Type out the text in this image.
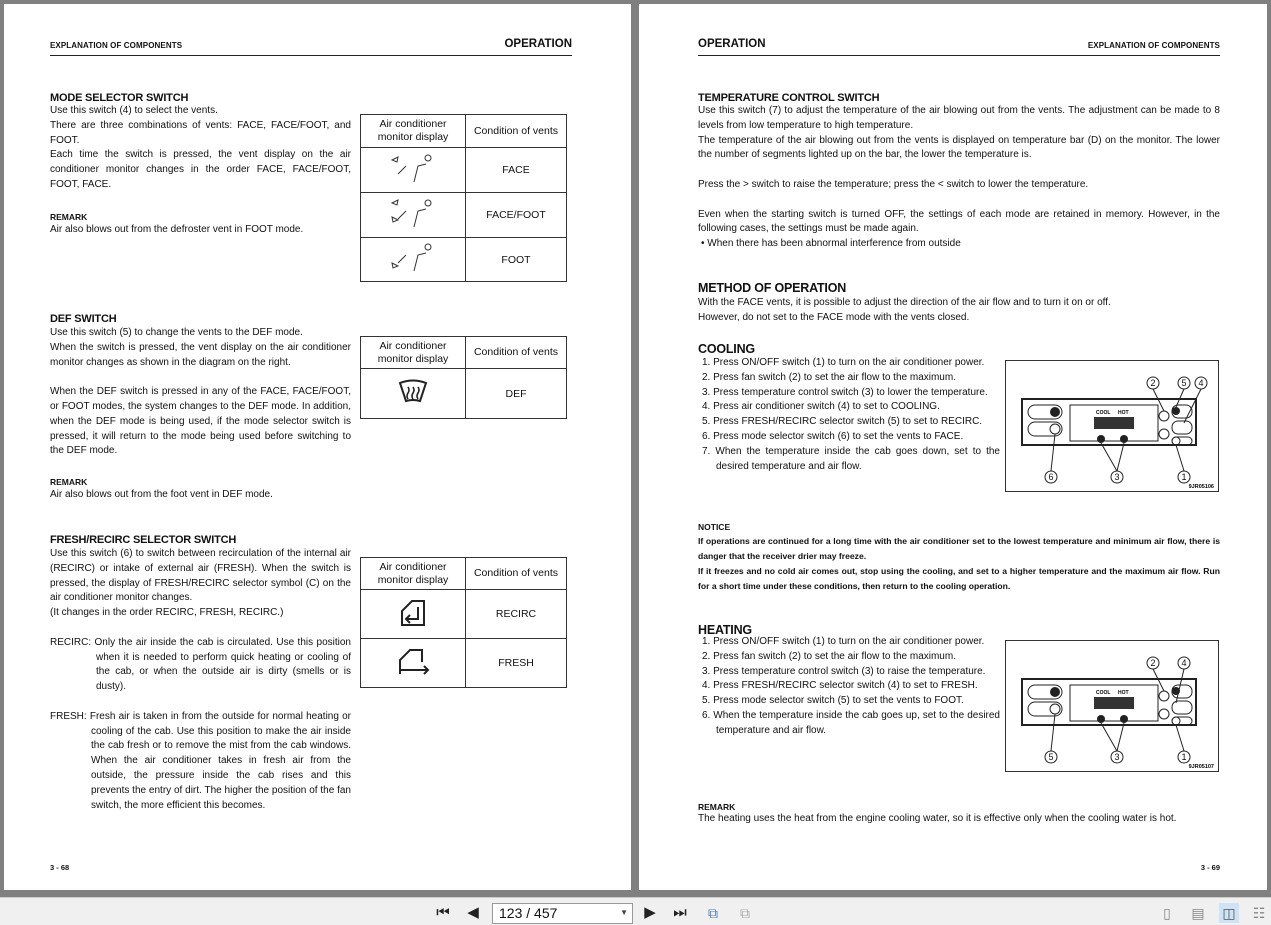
EXPLANATION OF COMPONENTS	OPERATION
MODE SELECTOR SWITCH
Use this switch (4) to select the vents.
There are three combinations of vents: FACE, FACE/FOOT, and FOOT.
Each time the switch is pressed, the vent display on the air conditioner monitor changes in the order FACE, FACE/FOOT, FOOT, FACE.
REMARK
Air also blows out from the defroster vent in FOOT mode.
Air conditioner monitor display	Condition of vents
	FACE
	FACE/FOOT
	FOOT
DEF SWITCH
Use this switch (5) to change the vents to the DEF mode.
When the switch is pressed, the vent display on the air conditioner monitor changes as shown in the diagram on the right.
When the DEF switch is pressed in any of the FACE, FACE/FOOT, or FOOT modes, the system changes to the DEF mode. In addition, when the DEF mode is being used, if the mode selector switch is pressed, it will return to the mode being used before switching to the DEF mode.
REMARK
Air also blows out from the foot vent in DEF mode.
Air conditioner monitor display	Condition of vents
	DEF
FRESH/RECIRC SELECTOR SWITCH
Use this switch (6) to switch between recirculation of the internal air (RECIRC) or intake of external air (FRESH). When the switch is pressed, the display of FRESH/RECIRC selector symbol (C) on the air conditioner monitor changes.
(It changes in the order RECIRC, FRESH, RECIRC.)
RECIRC: Only the air inside the cab is circulated. Use this position when it is needed to perform quick heating or cooling of the cab, or when the outside air is dirty (smells or is dusty).
FRESH: Fresh air is taken in from the outside for normal heating or cooling of the cab. Use this position to make the air inside the cab fresh or to remove the mist from the cab windows. When the air conditioner takes in fresh air from the outside, the pressure inside the cab rises and this prevents the entry of dirt. The higher the position of the fan switch, the more efficient this becomes.
Air conditioner monitor display	Condition of vents
	RECIRC
	FRESH
3 - 68
OPERATION	EXPLANATION OF COMPONENTS
TEMPERATURE CONTROL SWITCH
Use this switch (7) to adjust the temperature of the air blowing out from the vents. The adjustment can be made to 8 levels from low temperature to high temperature.
The temperature of the air blowing out from the vents is displayed on temperature bar (D) on the monitor. The lower the number of segments lighted up on the bar, the lower the temperature is.
Press the > switch to raise the temperature; press the < switch to lower the temperature.
Even when the starting switch is turned OFF, the settings of each mode are retained in memory. However, in the following cases, the settings must be made again.
• When there has been abnormal interference from outside
METHOD OF OPERATION
With the FACE vents, it is possible to adjust the direction of the air flow and to turn it on or off.
However, do not set to the FACE mode with the vents closed.
COOLING
1. Press ON/OFF switch (1) to turn on the air conditioner power.
2. Press fan switch (2) to set the air flow to the maximum.
3. Press temperature control switch (3) to lower the temperature.
4. Press air conditioner switch (4) to set to COOLING.
5. Press FRESH/RECIRC selector switch (5) to set to RECIRC.
6. Press mode selector switch (6) to set the vents to FACE.
7. When the temperature inside the cab goes down, set to the desired temperature and air flow.
COOL HOT
2	5 4
6	3	1
9JR05106
NOTICE
If operations are continued for a long time with the air conditioner set to the lowest temperature and minimum air flow, there is danger that the receiver drier may freeze.
If it freezes and no cold air comes out, stop using the cooling, and set to a higher temperature and the maximum air flow. Run for a short time under these conditions, then return to the cooling operation.
HEATING
1. Press ON/OFF switch (1) to turn on the air conditioner power.
2. Press fan switch (2) to set the air flow to the maximum.
3. Press temperature control switch (3) to raise the temperature.
4. Press FRESH/RECIRC selector switch (4) to set to FRESH.
5. Press mode selector switch (5) to set the vents to FOOT.
6. When the temperature inside the cab goes up, set to the desired temperature and air flow.
COOL HOT
2	4
5	3	1
9JR05107
REMARK
The heating uses the heat from the engine cooling water, so it is effective only when the cooling water is hot.
3 - 69
⏮ ◀	123 / 457	▼ ▶ ⏭	⧉	⧉	▯	▤ ◫ ☷
